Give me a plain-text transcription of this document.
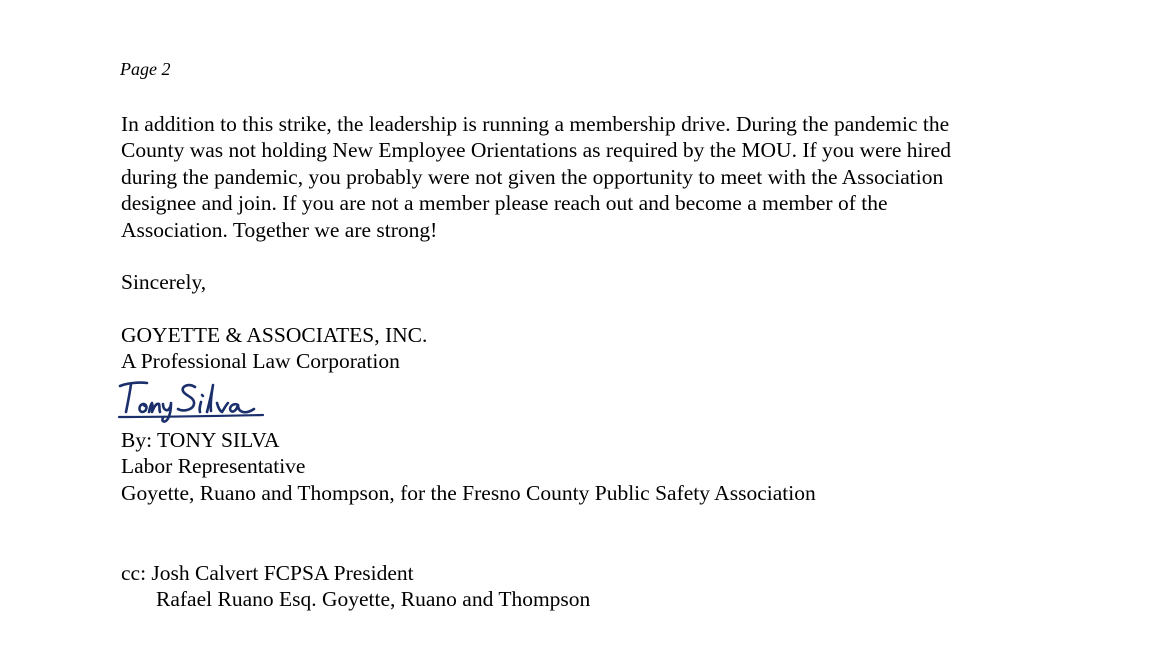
Page 2
In addition to this strike, the leadership is running a membership drive. During the pandemic the
County was not holding New Employee Orientations as required by the MOU. If you were hired
during the pandemic, you probably were not given the opportunity to meet with the Association
designee and join. If you are not a member please reach out and become a member of the
Association. Together we are strong!
Sincerely,
GOYETTE & ASSOCIATES, INC.
A Professional Law Corporation
By: TONY SILVA
Labor Representative
Goyette, Ruano and Thompson, for the Fresno County Public Safety Association
cc: Josh Calvert FCPSA President
Rafael Ruano Esq. Goyette, Ruano and Thompson
